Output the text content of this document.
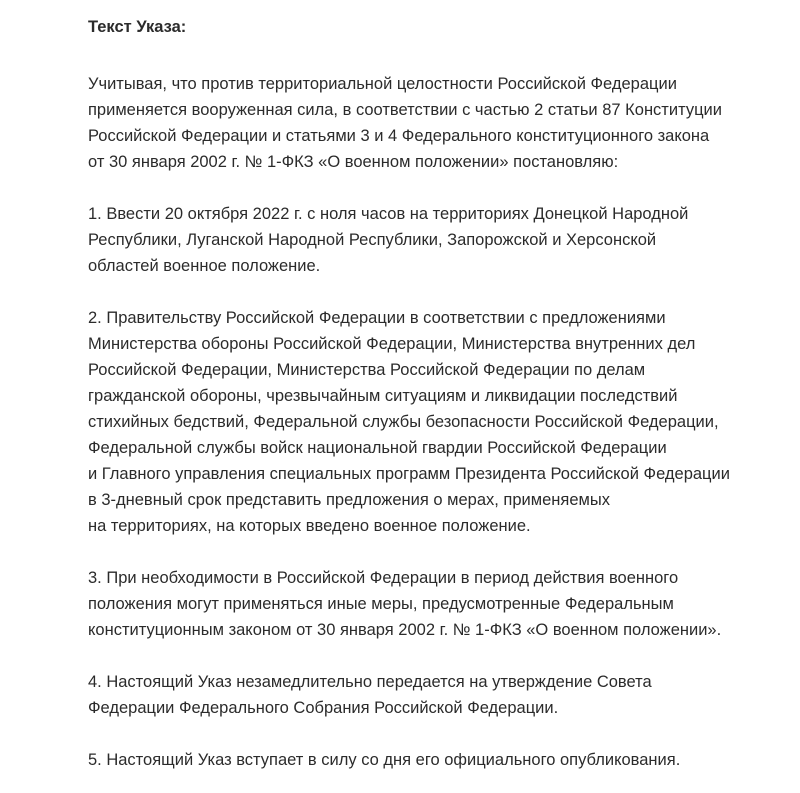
Текст Указа:

Учитывая, что против территориальной целостности Российской Федерации
применяется вооруженная сила, в соответствии с частью 2 статьи 87 Конституции
Российской Федерации и статьями 3 и 4 Федерального конституционного закона
от 30 января 2002 г. № 1-ФКЗ «О военном положении» постановляю:

1. Ввести 20 октября 2022 г. с ноля часов на территориях Донецкой Народной
Республики, Луганской Народной Республики, Запорожской и Херсонской
областей военное положение.

2. Правительству Российской Федерации в соответствии с предложениями
Министерства обороны Российской Федерации, Министерства внутренних дел
Российской Федерации, Министерства Российской Федерации по делам
гражданской обороны, чрезвычайным ситуациям и ликвидации последствий
стихийных бедствий, Федеральной службы безопасности Российской Федерации,
Федеральной службы войск национальной гвардии Российской Федерации
и Главного управления специальных программ Президента Российской Федерации
в 3-дневный срок представить предложения о мерах, применяемых
на территориях, на которых введено военное положение.

3. При необходимости в Российской Федерации в период действия военного
положения могут применяться иные меры, предусмотренные Федеральным
конституционным законом от 30 января 2002 г. № 1-ФКЗ «О военном положении».

4. Настоящий Указ незамедлительно передается на утверждение Совета
Федерации Федерального Собрания Российской Федерации.

5. Настоящий Указ вступает в силу со дня его официального опубликования.
